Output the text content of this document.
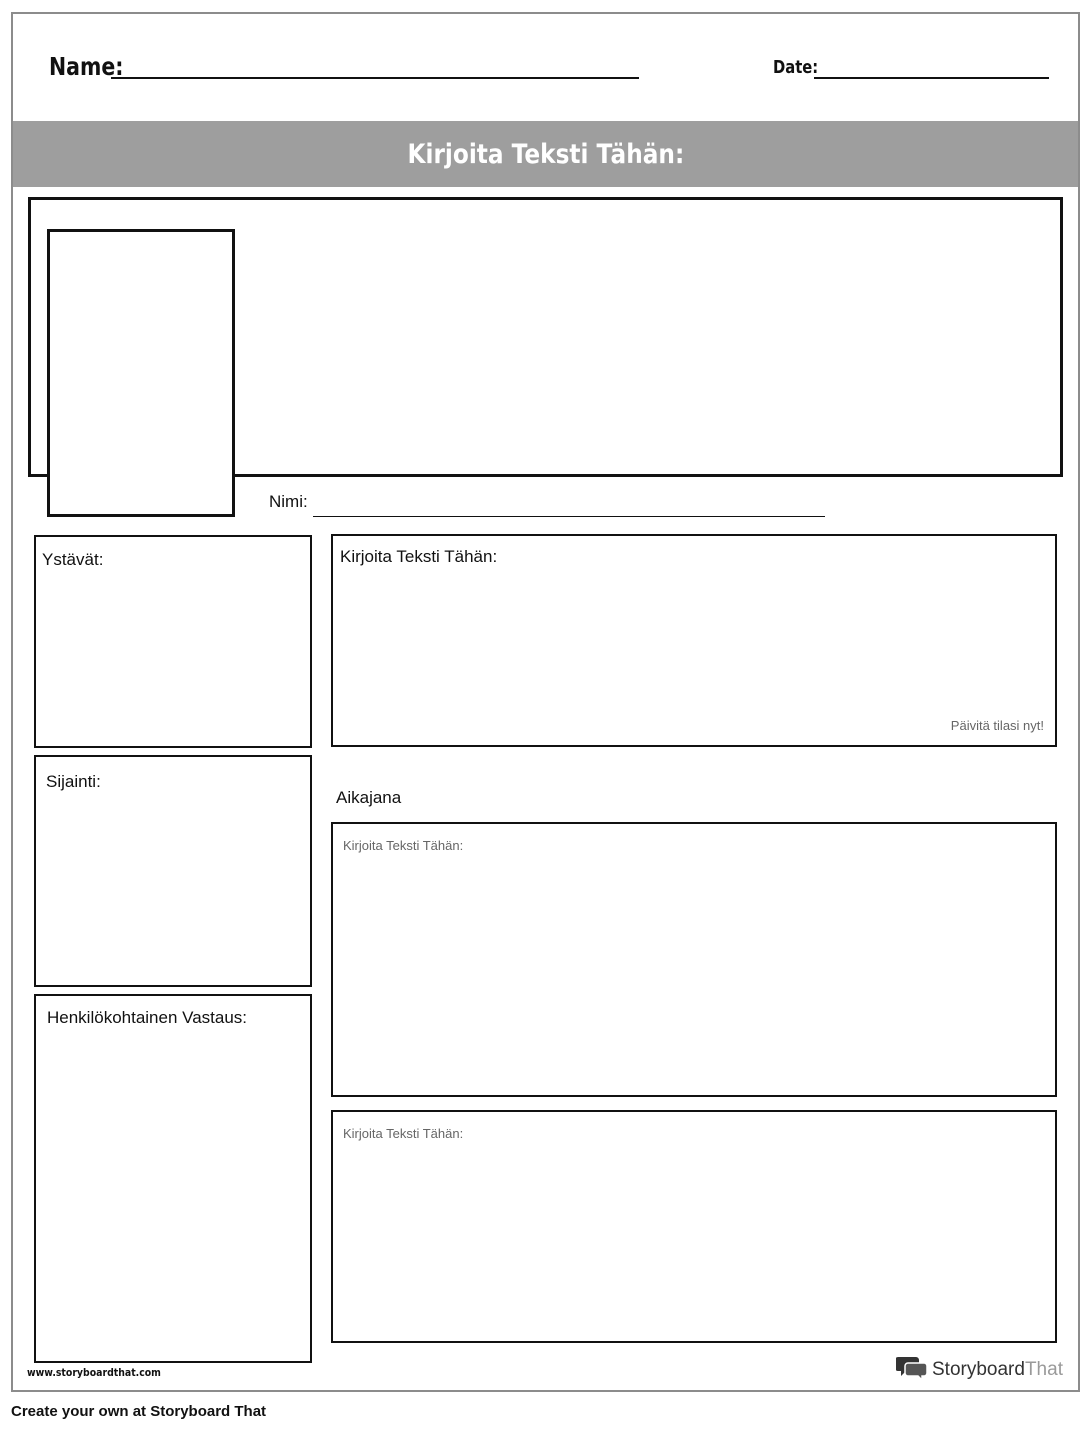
Name:	Date:
Kirjoita Teksti Tähän:
Nimi:
Ystävät:
Sijainti:
Henkilökohtainen Vastaus:
Kirjoita Teksti Tähän:
Päivitä tilasi nyt!
Aikajana
Kirjoita Teksti Tähän:
Kirjoita Teksti Tähän:
www.storyboardthat.com	StoryboardThat
Create your own at Storyboard That
